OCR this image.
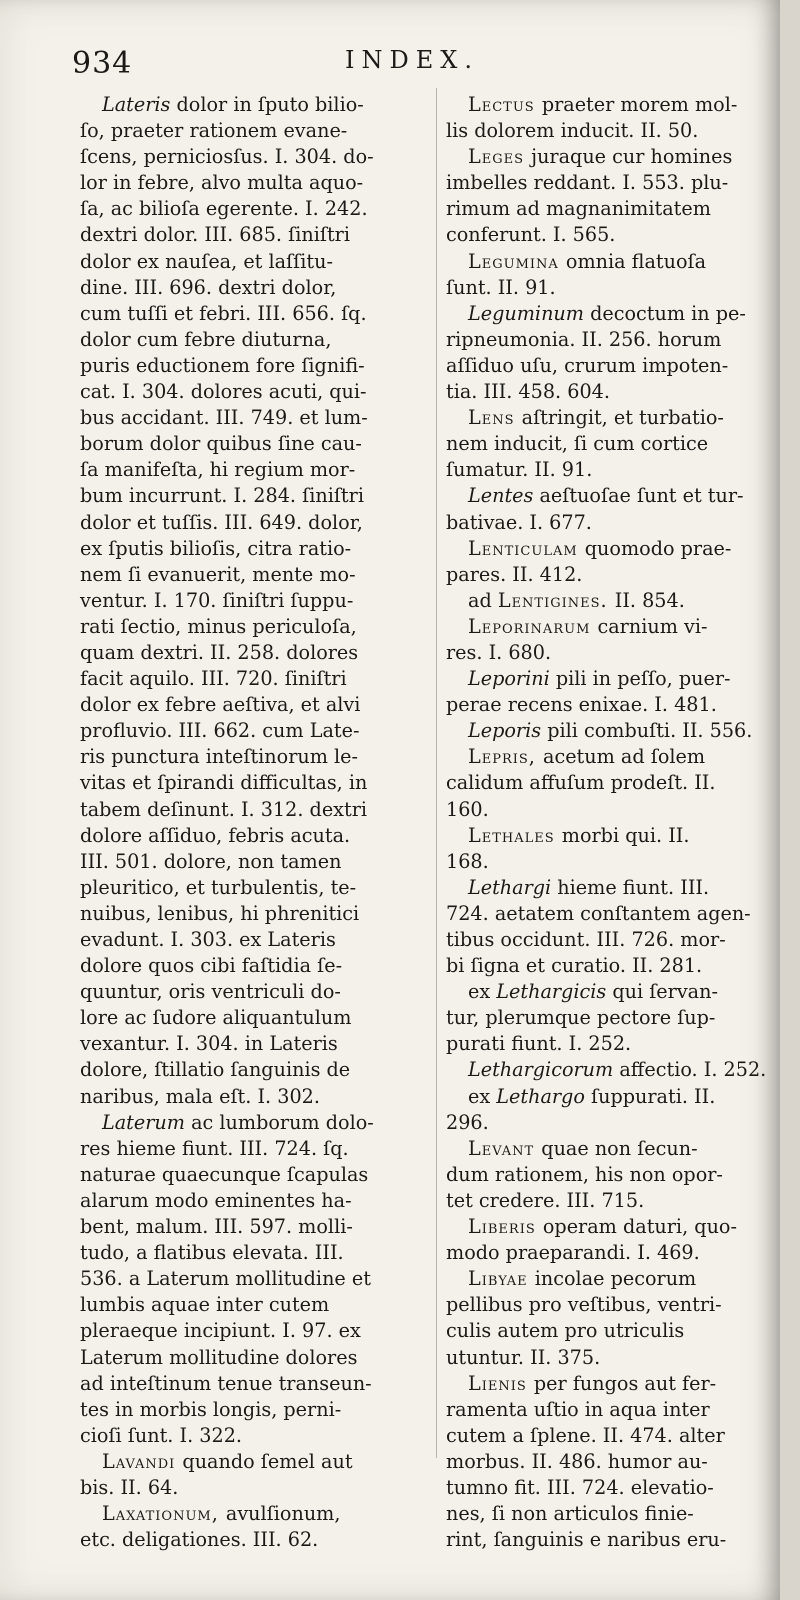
934	INDEX.
Lateris dolor in ſputo bilio-
ſo, praeter rationem evane-
ſcens, perniciosſus. I. 304. do-
lor in febre, alvo multa aquo-
ſa, ac bilioſa egerente. I. 242.
dextri dolor. III. 685. ſiniſtri
dolor ex nauſea, et laſſitu-
dine. III. 696. dextri dolor,
cum tuſſi et febri. III. 656. ſq.
dolor cum febre diuturna,
puris eductionem fore ſignifi-
cat. I. 304. dolores acuti, qui-
bus accidant. III. 749. et lum-
borum dolor quibus ſine cau-
ſa manifeſta, hi regium mor-
bum incurrunt. I. 284. ſiniſtri
dolor et tuſſis. III. 649. dolor,
ex ſputis bilioſis, citra ratio-
nem ſi evanuerit, mente mo-
ventur. I. 170. ſiniſtri ſuppu-
rati ſectio, minus periculoſa,
quam dextri. II. 258. dolores
facit aquilo. III. 720. ſiniſtri
dolor ex febre aeſtiva, et alvi
profluvio. III. 662. cum Late-
ris punctura inteſtinorum le-
vitas et ſpirandi difficultas, in
tabem deſinunt. I. 312. dextri
dolore aſſiduo, febris acuta.
III. 501. dolore, non tamen
pleuritico, et turbulentis, te-
nuibus, lenibus, hi phrenitici
evadunt. I. 303. ex Lateris
dolore quos cibi faſtidia ſe-
quuntur, oris ventriculi do-
lore ac ſudore aliquantulum
vexantur. I. 304. in Lateris
dolore, ſtillatio ſanguinis de
naribus, mala eſt. I. 302.
Laterum ac lumborum dolo-
res hieme fiunt. III. 724. ſq.
naturae quaecunque ſcapulas
alarum modo eminentes ha-
bent, malum. III. 597. molli-
tudo, a flatibus elevata. III.
536. a Laterum mollitudine et
lumbis aquae inter cutem
pleraeque incipiunt. I. 97. ex
Laterum mollitudine dolores
ad inteſtinum tenue transeun-
tes in morbis longis, perni-
cioſi ſunt. I. 322.
Lavandi quando ſemel aut
bis. II. 64.
Laxationum, avulſionum,
etc. deligationes. III. 62.
Lectus praeter morem mol-
lis dolorem inducit. II. 50.
Leges juraque cur homines
imbelles reddant. I. 553. plu-
rimum ad magnanimitatem
conferunt. I. 565.
Legumina omnia flatuoſa
ſunt. II. 91.
Leguminum decoctum in pe-
ripneumonia. II. 256. horum
aſſiduo uſu, crurum impoten-
tia. III. 458. 604.
Lens aſtringit, et turbatio-
nem inducit, ſi cum cortice
ſumatur. II. 91.
Lentes aeſtuoſae ſunt et tur-
bativae. I. 677.
Lenticulam quomodo prae-
pares. II. 412.
ad Lentigines. II. 854.
Leporinarum carnium vi-
res. I. 680.
Leporini pili in peſſo, puer-
perae recens enixae. I. 481.
Leporis pili combuſti. II. 556.
Lepris, acetum ad ſolem
calidum affuſum prodeſt. II.
160.
Lethales morbi qui. II.
168.
Lethargi hieme fiunt. III.
724. aetatem conſtantem agen-
tibus occidunt. III. 726. mor-
bi ſigna et curatio. II. 281.
ex Lethargicis qui ſervan-
tur, plerumque pectore ſup-
purati fiunt. I. 252.
Lethargicorum affectio. I. 252.
ex Lethargo ſuppurati. II.
296.
Levant quae non ſecun-
dum rationem, his non opor-
tet credere. III. 715.
Liberis operam daturi, quo-
modo praeparandi. I. 469.
Libyae incolae pecorum
pellibus pro veſtibus, ventri-
culis autem pro utriculis
utuntur. II. 375.
Lienis per fungos aut fer-
ramenta uſtio in aqua inter
cutem a ſplene. II. 474. alter
morbus. II. 486. humor au-
tumno fit. III. 724. elevatio-
nes, ſi non articulos finie-
rint, ſanguinis e naribus eru-
